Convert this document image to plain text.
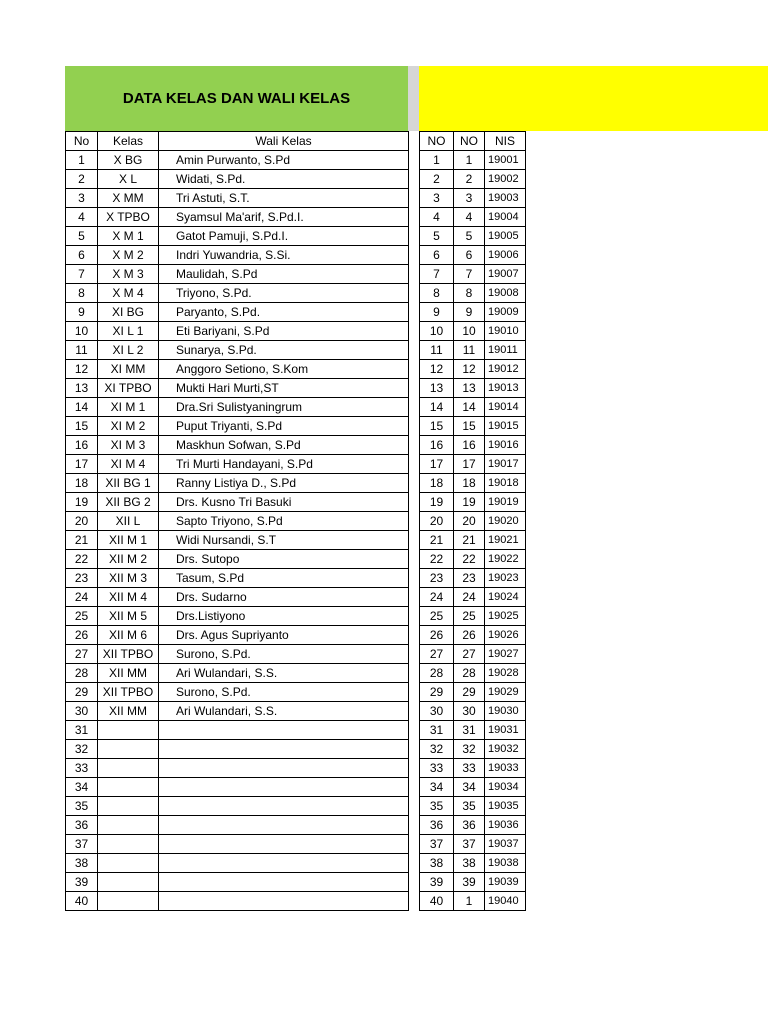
DATA KELAS DAN WALI KELAS
No	Kelas	Wali Kelas
1	X BG	Amin Purwanto, S.Pd
2	X L	Widati, S.Pd.
3	X MM	Tri Astuti, S.T.
4	X TPBO	Syamsul Ma'arif, S.Pd.I.
5	X M 1	Gatot Pamuji, S.Pd.I.
6	X M 2	Indri Yuwandria, S.Si.
7	X M 3	Maulidah, S.Pd
8	X M 4	Triyono, S.Pd.
9	XI BG	Paryanto, S.Pd.
10	XI L 1	Eti Bariyani, S.Pd
11	XI L 2	Sunarya, S.Pd.
12	XI MM	Anggoro Setiono, S.Kom
13	XI TPBO	Mukti Hari Murti,ST
14	XI M 1	Dra.Sri Sulistyaningrum
15	XI M 2	Puput Triyanti, S.Pd
16	XI M 3	Maskhun Sofwan, S.Pd
17	XI M 4	Tri Murti Handayani, S.Pd
18	XII BG 1	Ranny Listiya D., S.Pd
19	XII BG 2	Drs. Kusno Tri Basuki
20	XII L	Sapto Triyono, S.Pd
21	XII M 1	Widi Nursandi, S.T
22	XII M 2	Drs. Sutopo
23	XII M 3	Tasum, S.Pd
24	XII M 4	Drs. Sudarno
25	XII M 5	Drs.Listiyono
26	XII M 6	Drs. Agus Supriyanto
27	XII TPBO	Surono, S.Pd.
28	XII MM	Ari Wulandari, S.S.
29	XII TPBO	Surono, S.Pd.
30	XII MM	Ari Wulandari, S.S.
31		
32		
33		
34		
35		
36		
37		
38		
39		
40		
NO	NO	NIS
1	1	19001
2	2	19002
3	3	19003
4	4	19004
5	5	19005
6	6	19006
7	7	19007
8	8	19008
9	9	19009
10	10	19010
11	11	19011
12	12	19012
13	13	19013
14	14	19014
15	15	19015
16	16	19016
17	17	19017
18	18	19018
19	19	19019
20	20	19020
21	21	19021
22	22	19022
23	23	19023
24	24	19024
25	25	19025
26	26	19026
27	27	19027
28	28	19028
29	29	19029
30	30	19030
31	31	19031
32	32	19032
33	33	19033
34	34	19034
35	35	19035
36	36	19036
37	37	19037
38	38	19038
39	39	19039
40	1	19040
